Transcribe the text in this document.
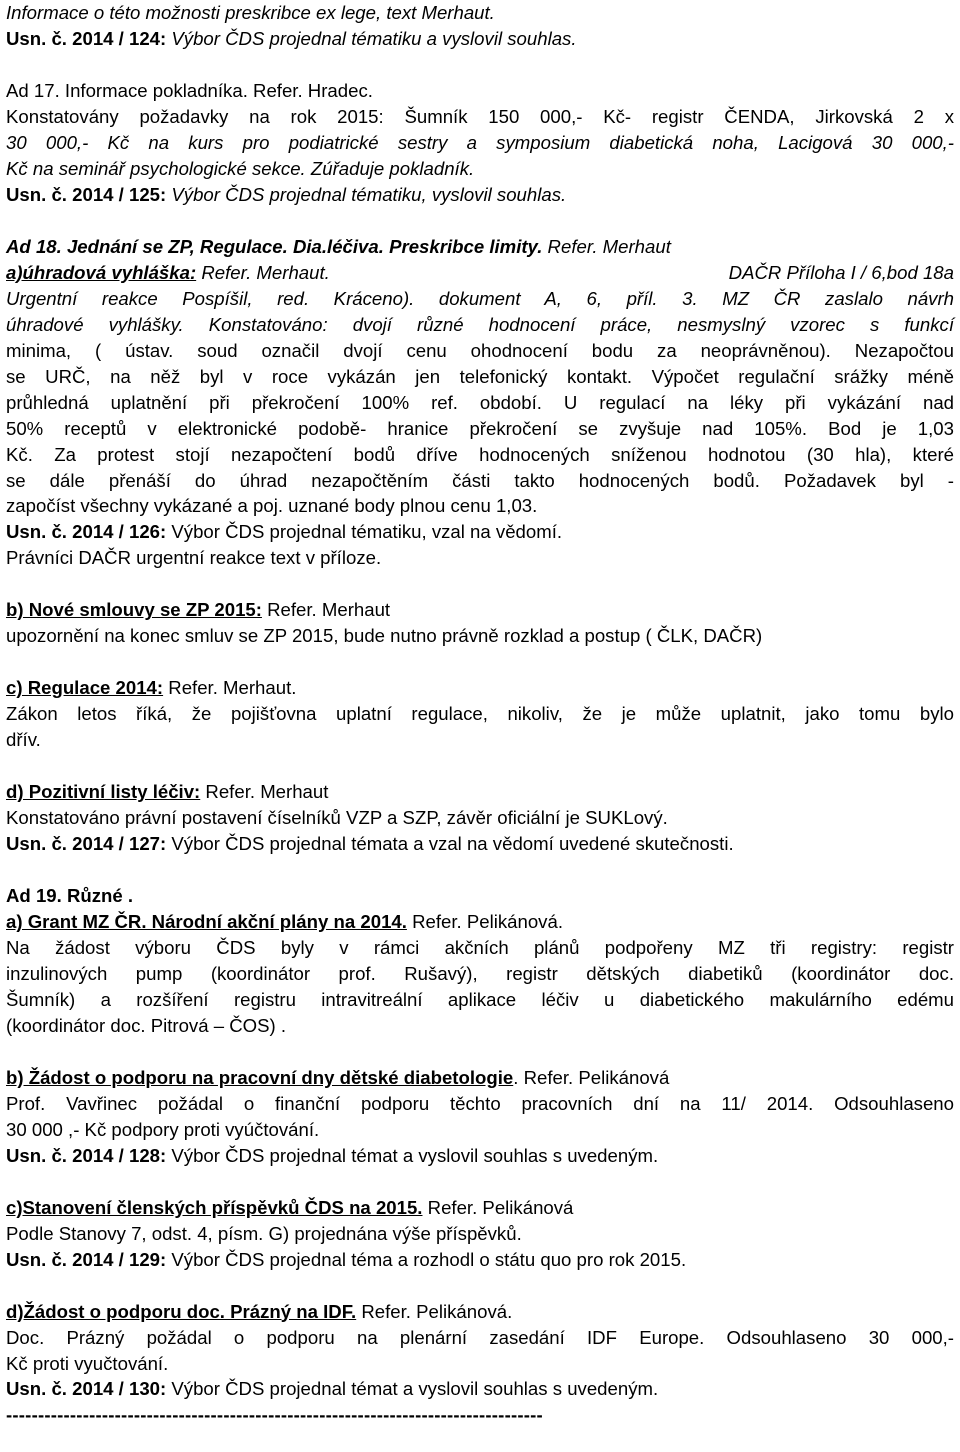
Informace o této možnosti preskribce ex lege, text Merhaut.
Usn. č. 2014 / 124: Výbor ČDS projednal tématiku a vyslovil souhlas.
Ad 17. Informace pokladníka. Refer. Hradec.
Konstatovány požadavky na rok 2015: Šumník 150 000,- Kč- registr ČENDA, Jirkovská 2 x
30 000,- Kč na kurs pro podiatrické sestry a symposium diabetická noha, Lacigová 30 000,-
Kč na seminář psychologické sekce. Zúřaduje pokladník.
Usn. č. 2014 / 125: Výbor ČDS projednal tématiku, vyslovil souhlas.
Ad 18. Jednání se ZP, Regulace. Dia.léčiva. Preskribce limity. Refer. Merhaut
a)úhradová vyhláška: Refer. Merhaut.	DAČR Příloha I / 6,bod 18a
Urgentní reakce Pospíšil, red. Kráceno). dokument A, 6, příl. 3. MZ ČR zaslalo návrh
úhradové vyhlášky. Konstatováno: dvojí různé hodnocení práce, nesmyslný vzorec s funkcí
minima, ( ústav. soud označil dvojí cenu ohodnocení bodu za neoprávněnou). Nezapočtou
se URČ, na něž byl v roce vykázán jen telefonický kontakt. Výpočet regulační srážky méně
průhledná uplatnění při překročení 100% ref. období. U regulací na léky při vykázání nad
50% receptů v elektronické podobě- hranice překročení se zvyšuje nad 105%. Bod je 1,03
Kč. Za protest stojí nezapočtení bodů dříve hodnocených sníženou hodnotou (30 hla), které
se dále přenáší do úhrad nezapočtěním části takto hodnocených bodů. Požadavek byl -
započíst všechny vykázané a poj. uznané body plnou cenu 1,03.
Usn. č. 2014 / 126: Výbor ČDS projednal tématiku, vzal na vědomí.
Právníci DAČR urgentní reakce text v příloze.
b) Nové smlouvy se ZP 2015: Refer. Merhaut
upozornění na konec smluv se ZP 2015, bude nutno právně rozklad a postup ( ČLK, DAČR)
c) Regulace 2014: Refer. Merhaut.
Zákon letos říká, že pojišťovna uplatní regulace, nikoliv, že je může uplatnit, jako tomu bylo
dřív.
d) Pozitivní listy léčiv: Refer. Merhaut
Konstatováno právní postavení číselníků VZP a SZP, závěr oficiální je SUKLový.
Usn. č. 2014 / 127: Výbor ČDS projednal témata a vzal na vědomí uvedené skutečnosti.
Ad 19. Různé .
a) Grant MZ ČR. Národní akční plány na 2014. Refer. Pelikánová.
Na žádost výboru ČDS byly v rámci akčních plánů podpořeny MZ tři registry: registr
inzulinových pump (koordinátor prof. Rušavý), registr dětských diabetiků (koordinátor doc.
Šumník) a rozšíření registru intravitreální aplikace léčiv u diabetického makulárního edému
(koordinátor doc. Pitrová – ČOS) .
b) Žádost o podporu na pracovní dny dětské diabetologie. Refer. Pelikánová
Prof. Vavřinec požádal o finanční podporu těchto pracovních dní na 11/ 2014. Odsouhlaseno
30 000 ,- Kč podpory proti vyúčtování.
Usn. č. 2014 / 128: Výbor ČDS projednal témat a vyslovil souhlas s uvedeným.
c)Stanovení členských příspěvků ČDS na 2015. Refer. Pelikánová
Podle Stanovy 7, odst. 4, písm. G) projednána výše příspěvků.
Usn. č. 2014 / 129: Výbor ČDS projednal téma a rozhodl o státu quo pro rok 2015.
d)Žádost o podporu doc. Prázný na IDF. Refer. Pelikánová.
Doc. Prázný požádal o podporu na plenární zasedání IDF Europe. Odsouhlaseno 30 000,-
Kč proti vyučtování.
Usn. č. 2014 / 130: Výbor ČDS projednal témat a vyslovil souhlas s uvedeným.
------------------------------------------------------------------------------------
